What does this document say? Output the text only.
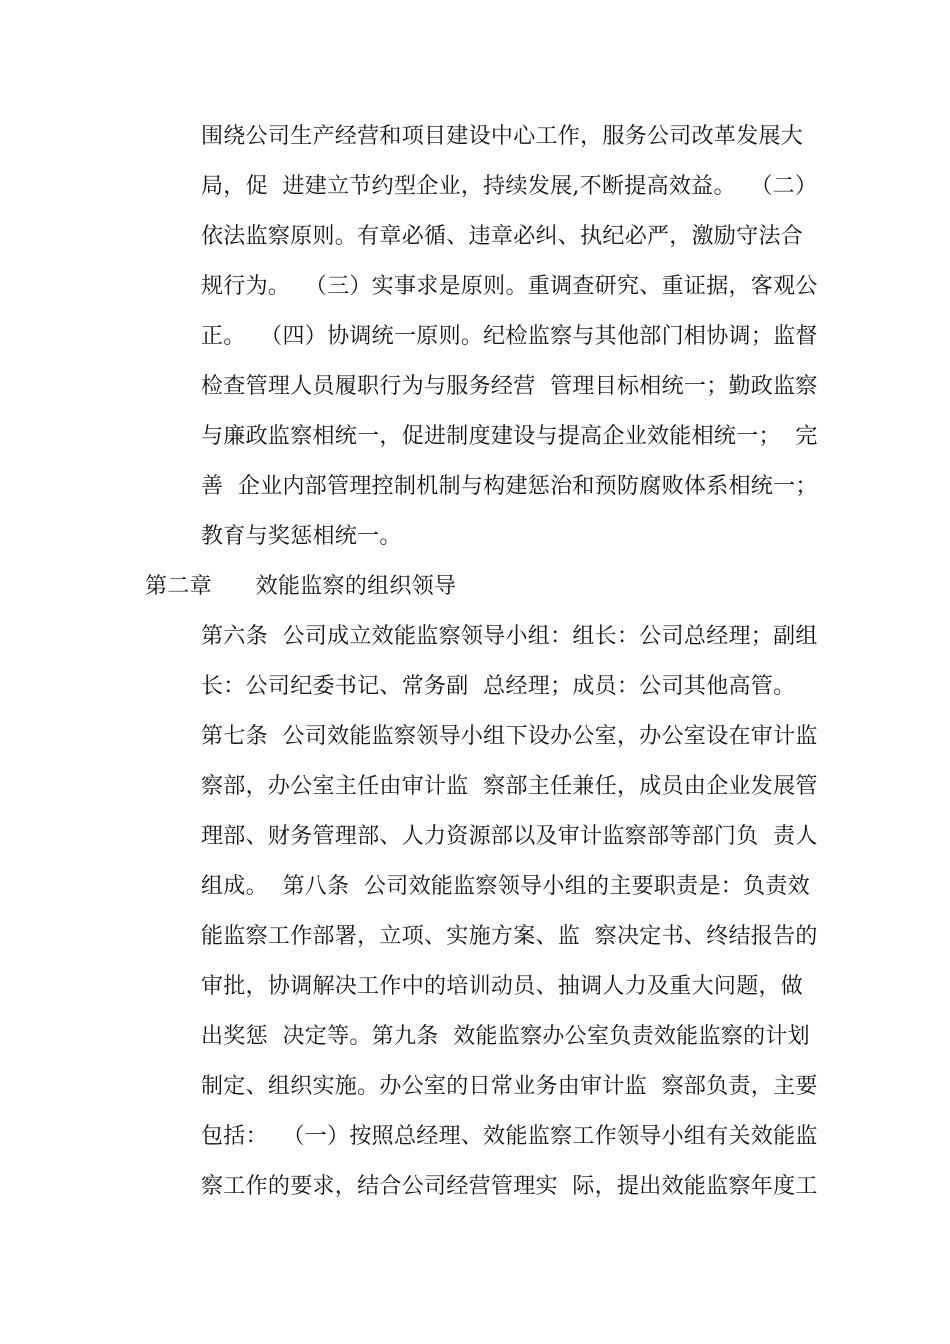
围绕公司生产经营和项目建设中心工作，服务公司改革发展大
局，促  进建立节约型企业，持续发展,不断提高效益。  （二）
依法监察原则。有章必循、违章必纠、执纪必严，激励守法合
规行为。  （三）实事求是原则。重调查研究、重证据，客观公
正。  （四）协调统一原则。纪检监察与其他部门相协调；监督
检查管理人员履职行为与服务经营  管理目标相统一；勤政监察
与廉政监察相统一，促进制度建设与提高企业效能相统一；  完
善  企业内部管理控制机制与构建惩治和预防腐败体系相统一；
教育与奖惩相统一。
第二章      效能监察的组织领导
第六条  公司成立效能监察领导小组：组长：公司总经理；副组
长：公司纪委书记、常务副  总经理；成员：公司其他高管。
第七条  公司效能监察领导小组下设办公室，办公室设在审计监
察部，办公室主任由审计监  察部主任兼任，成员由企业发展管
理部、财务管理部、人力资源部以及审计监察部等部门负  责人
组成。  第八条  公司效能监察领导小组的主要职责是：负责效
能监察工作部署，立项、实施方案、监  察决定书、终结报告的
审批，协调解决工作中的培训动员、抽调人力及重大问题，做
出奖惩  决定等。第九条  效能监察办公室负责效能监察的计划
制定、组织实施。办公室的日常业务由审计监  察部负责，主要
包括：  （一）按照总经理、效能监察工作领导小组有关效能监
察工作的要求，结合公司经营管理实  际，提出效能监察年度工
